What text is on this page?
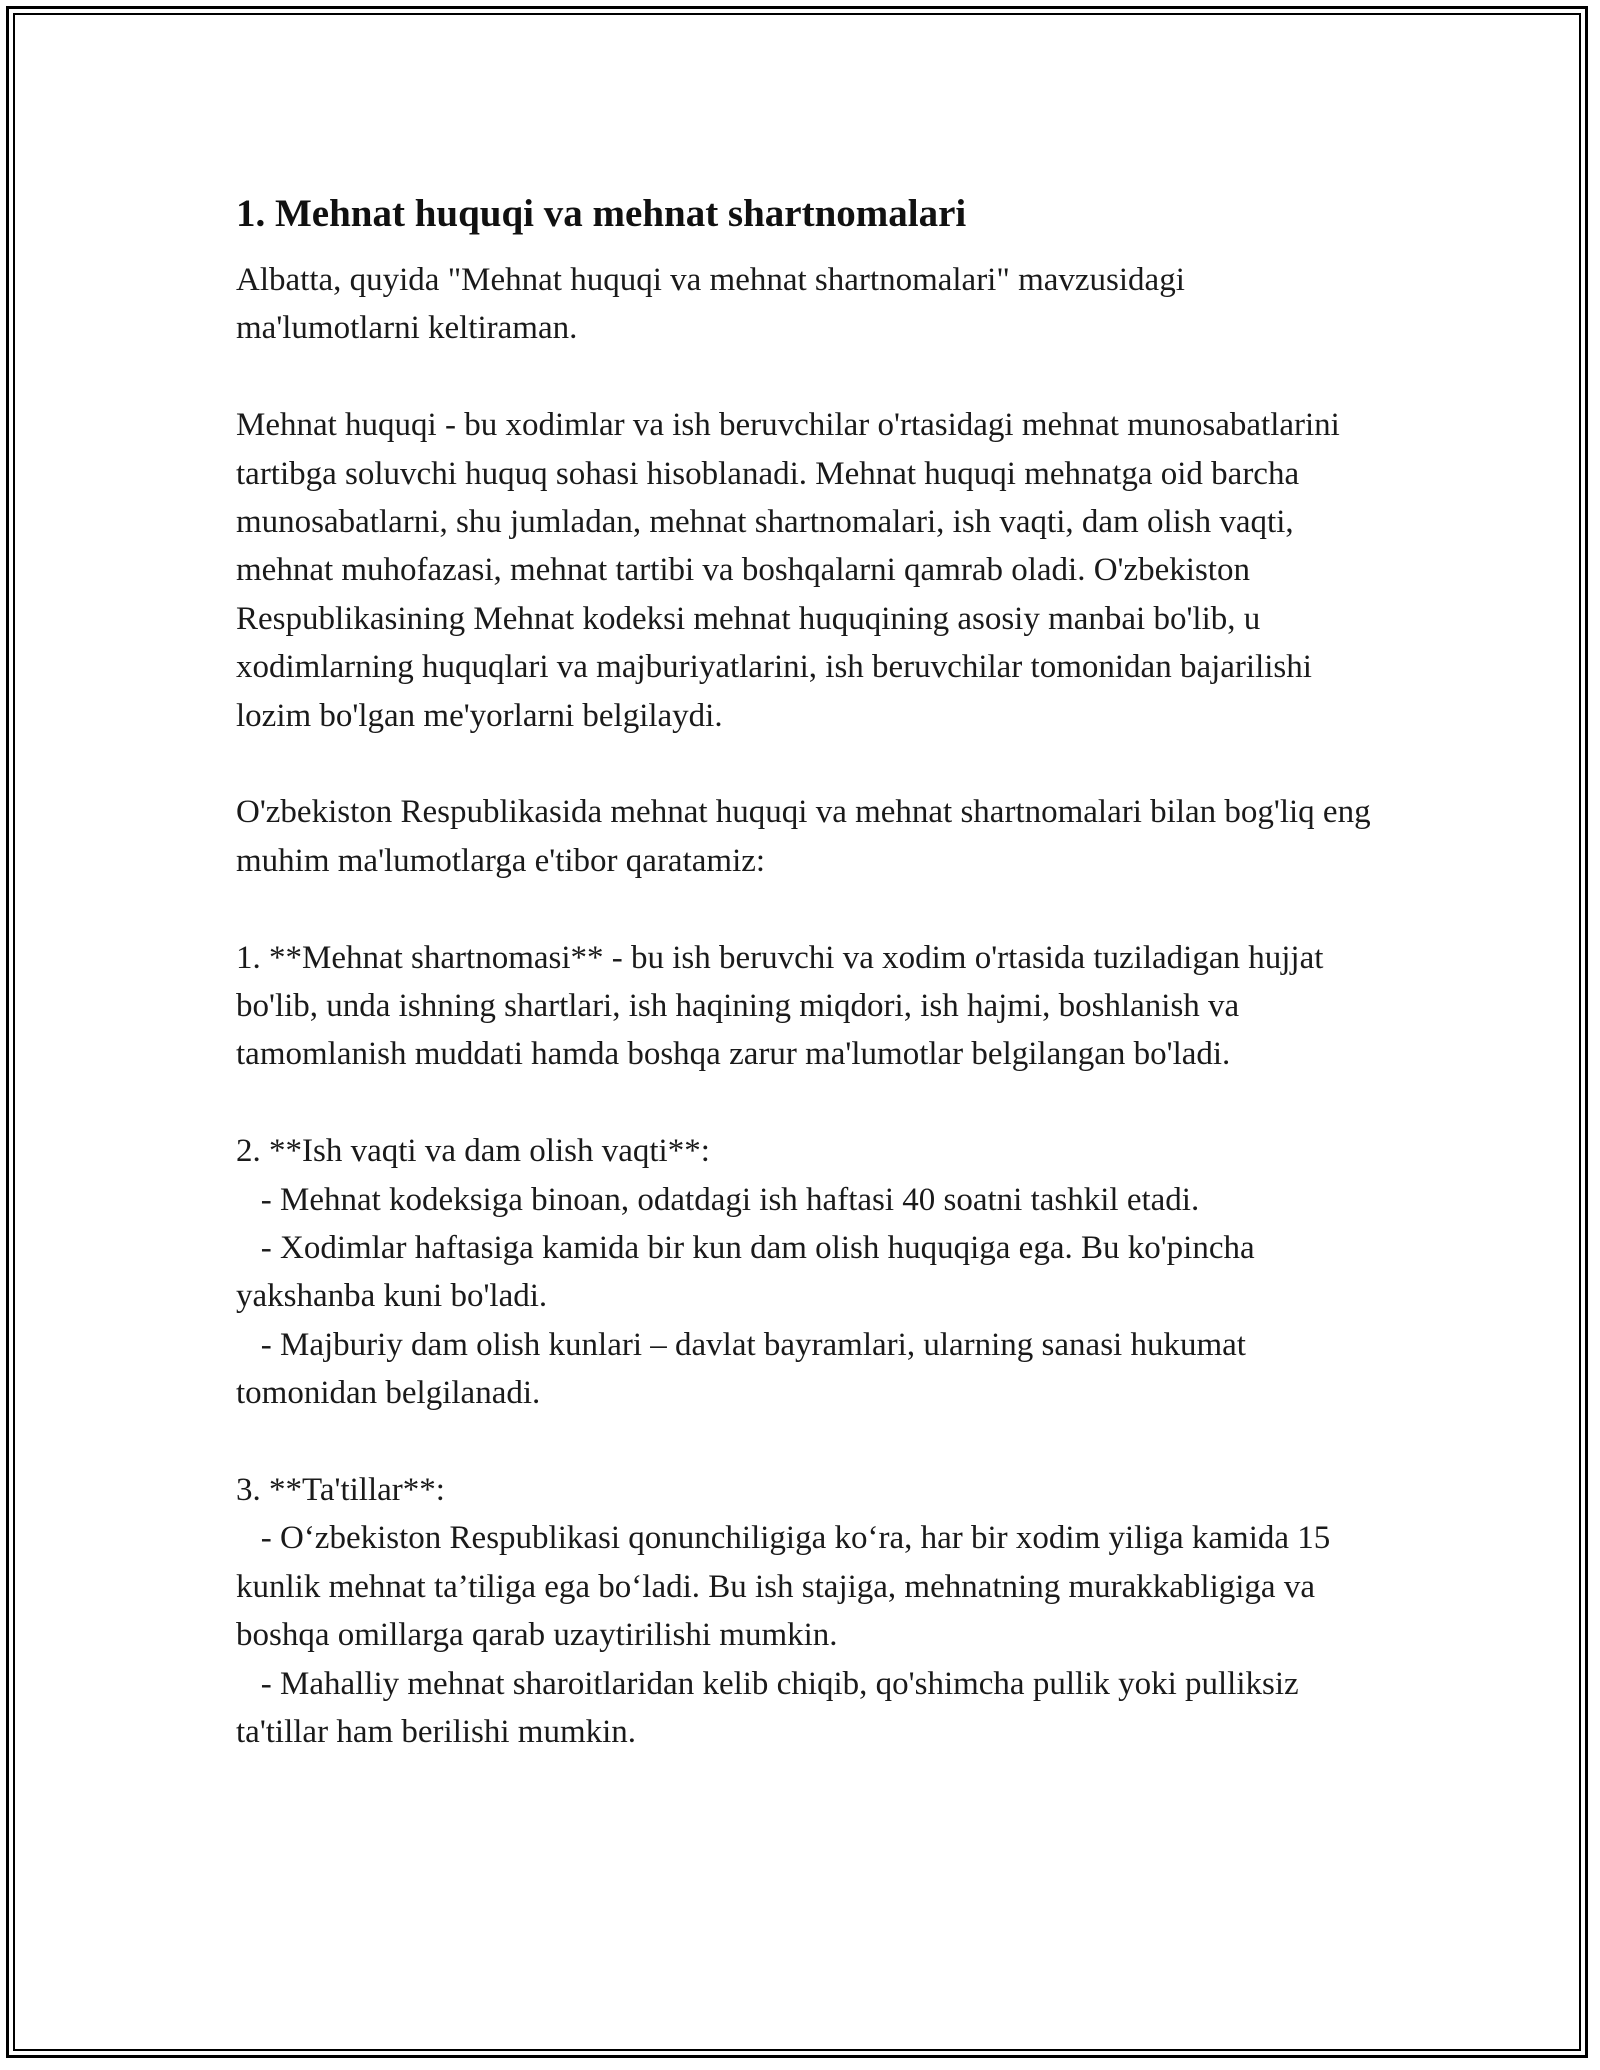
1. Mehnat huquqi va mehnat shartnomalari

Albatta, quyida "Mehnat huquqi va mehnat shartnomalari" mavzusidagi ma'lumotlarni keltiraman.

Mehnat huquqi - bu xodimlar va ish beruvchilar o'rtasidagi mehnat munosabatlarini tartibga soluvchi huquq sohasi hisoblanadi. Mehnat huquqi mehnatga oid barcha munosabatlarni, shu jumladan, mehnat shartnomalari, ish vaqti, dam olish vaqti, mehnat muhofazasi, mehnat tartibi va boshqalarni qamrab oladi. O'zbekiston Respublikasining Mehnat kodeksi mehnat huquqining asosiy manbai bo'lib, u xodimlarning huquqlari va majburiyatlarini, ish beruvchilar tomonidan bajarilishi lozim bo'lgan me'yorlarni belgilaydi.

O'zbekiston Respublikasida mehnat huquqi va mehnat shartnomalari bilan bog'liq eng muhim ma'lumotlarga e'tibor qaratamiz:

1. **Mehnat shartnomasi** - bu ish beruvchi va xodim o'rtasida tuziladigan hujjat bo'lib, unda ishning shartlari, ish haqining miqdori, ish hajmi, boshlanish va tamomlanish muddati hamda boshqa zarur ma'lumotlar belgilangan bo'ladi.

2. **Ish vaqti va dam olish vaqti**:

- Mehnat kodeksiga binoan, odatdagi ish haftasi 40 soatni tashkil etadi.

- Xodimlar haftasiga kamida bir kun dam olish huquqiga ega. Bu ko'pincha yakshanba kuni bo'ladi.

- Majburiy dam olish kunlari – davlat bayramlari, ularning sanasi hukumat tomonidan belgilanadi.

3. **Ta'tillar**:

- O‘zbekiston Respublikasi qonunchiligiga ko‘ra, har bir xodim yiliga kamida 15 kunlik mehnat ta’tiliga ega bo‘ladi. Bu ish stajiga, mehnatning murakkabligiga va boshqa omillarga qarab uzaytirilishi mumkin.

- Mahalliy mehnat sharoitlaridan kelib chiqib, qo'shimcha pullik yoki pulliksiz ta'tillar ham berilishi mumkin.
